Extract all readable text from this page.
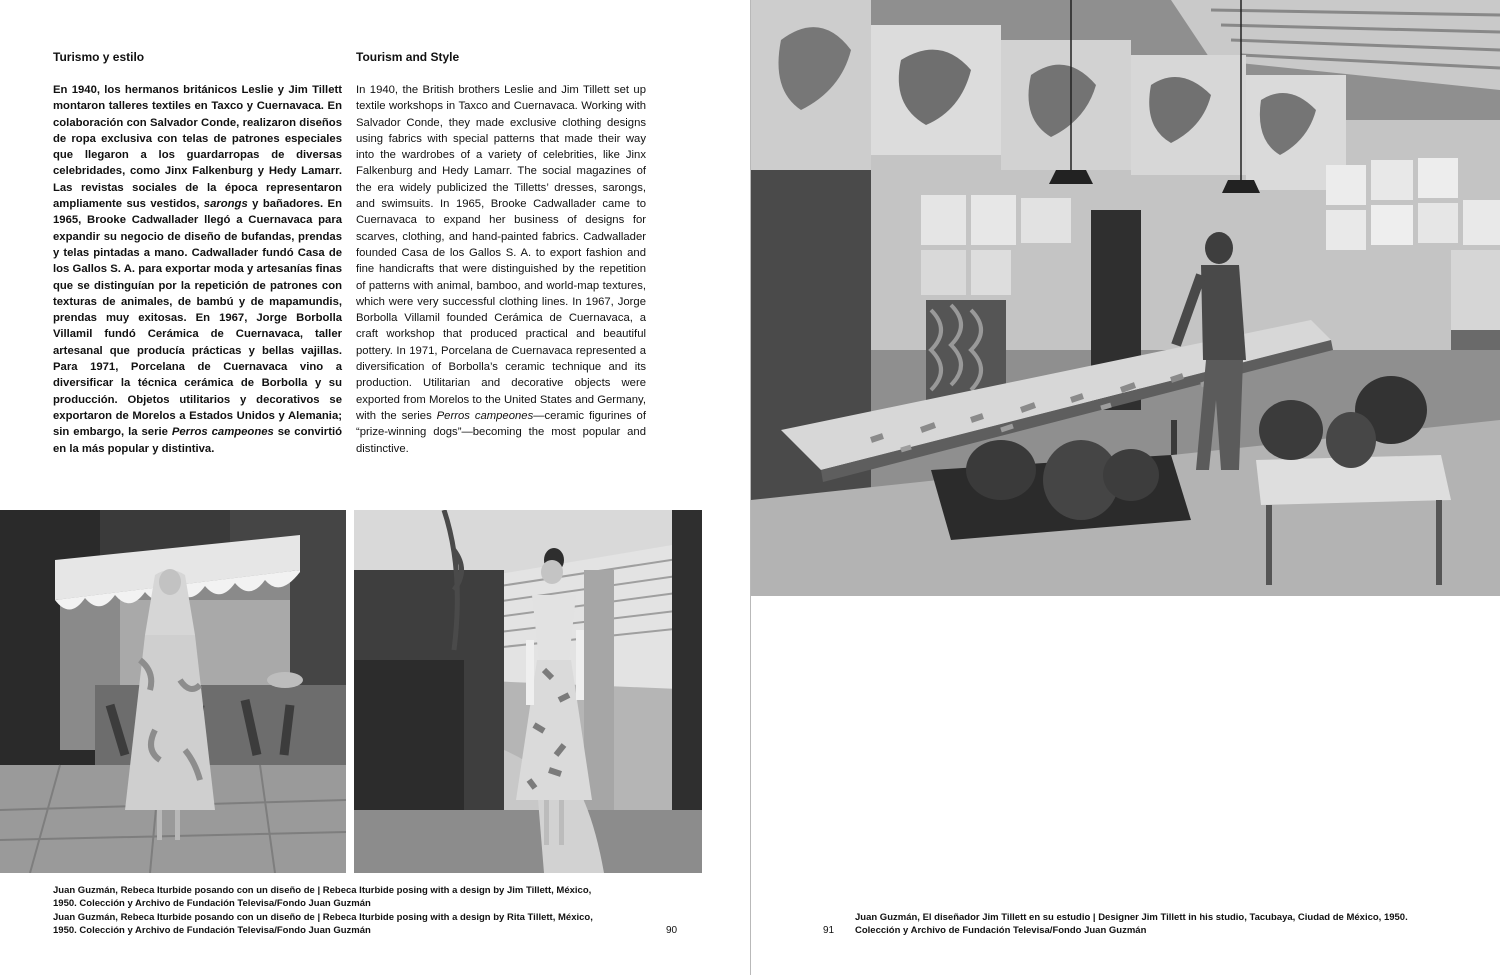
Turismo y estilo	Tourism and Style

En 1940, los hermanos británicos Leslie y Jim Tillett montaron talleres textiles en Taxco y Cuernavaca. En colaboración con Salvador Conde, realizaron diseños de ropa exclusiva con telas de patrones especiales que llegaron a los guardarropas de diversas celebridades, como Jinx Falkenburg y Hedy Lamarr. Las revistas sociales de la época representaron ampliamente sus vestidos, sarongs y bañadores. En 1965, Brooke Cadwallader llegó a Cuernavaca para expandir su negocio de diseño de bufandas, prendas y telas pintadas a mano. Cadwallader fundó Casa de los Gallos S. A. para exportar moda y artesanías finas que se distinguían por la repetición de patrones con texturas de animales, de bambú y de mapamundis, prendas muy exitosas. En 1967, Jorge Borbolla Villamil fundó Cerámica de Cuernavaca, taller artesanal que producía prácticas y bellas vajillas. Para 1971, Porcelana de Cuernavaca vino a diversificar la técnica cerámica de Borbolla y su producción. Objetos utilitarios y decorativos se exportaron de Morelos a Estados Unidos y Alemania; sin embargo, la serie Perros campeones se convirtió en la más popular y distintiva.

In 1940, the British brothers Leslie and Jim Tillett set up textile workshops in Taxco and Cuernavaca. Working with Salvador Conde, they made exclusive clothing designs using fabrics with special patterns that made their way into the wardrobes of a variety of celebrities, like Jinx Falkenburg and Hedy Lamarr. The social magazines of the era widely publicized the Tilletts’ dresses, sarongs, and swimsuits. In 1965, Brooke Cadwallader came to Cuernavaca to expand her business of designs for scarves, clothing, and hand-painted fabrics. Cadwallader founded Casa de los Gallos S. A. to export fashion and fine handicrafts that were distinguished by the repetition of patterns with animal, bamboo, and world-map textures, which were very successful clothing lines. In 1967, Jorge Borbolla Villamil founded Cerámica de Cuernavaca, a craft workshop that produced practical and beautiful pottery. In 1971, Porcelana de Cuernavaca represented a diversification of Borbolla’s ceramic technique and its production. Utilitarian and decorative objects were exported from Morelos to the United States and Germany, with the series Perros campeones—ceramic figurines of “prize-winning dogs”—becoming the most popular and distinctive.

Juan Guzmán, Rebeca Iturbide posando con un diseño de | Rebeca Iturbide posing with a design by Jim Tillett, México, 1950. Colección y Archivo de Fundación Televisa/Fondo Juan Guzmán

Juan Guzmán, Rebeca Iturbide posando con un diseño de | Rebeca Iturbide posing with a design by Rita Tillett, México, 1950. Colección y Archivo de Fundación Televisa/Fondo Juan Guzmán	90

Juan Guzmán, El diseñador Jim Tillett en su estudio | Designer Jim Tillett in his studio, Tacubaya, Ciudad de México, 1950. Colección y Archivo de Fundación Televisa/Fondo Juan Guzmán

91
